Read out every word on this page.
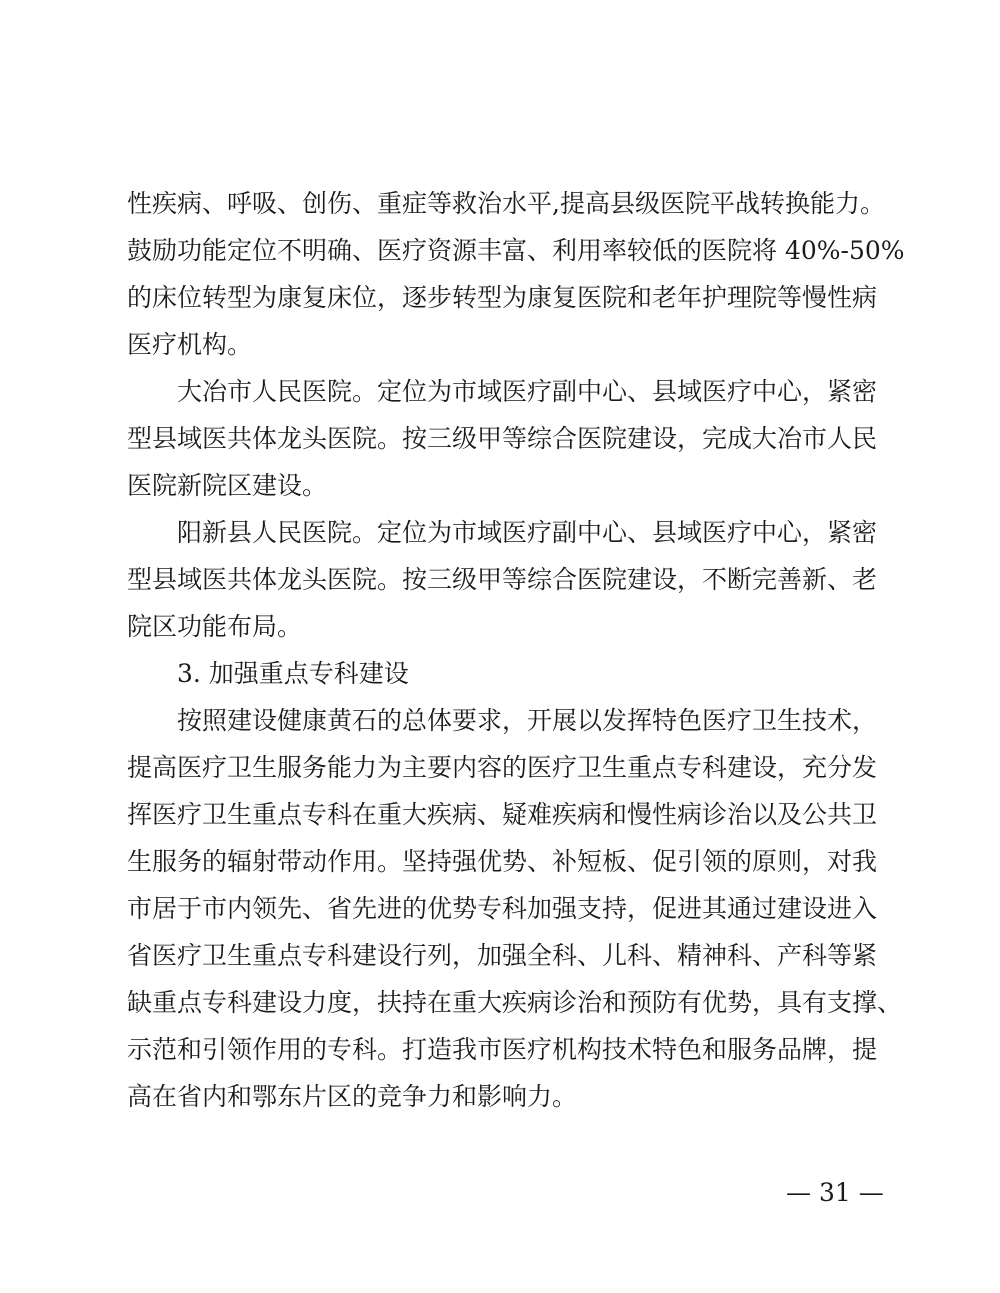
性疾病、呼吸、创伤、重症等救治水平,提高县级医院平战转换能力。
鼓励功能定位不明确、医疗资源丰富、利用率较低的医院将 40%-50%
的床位转型为康复床位，逐步转型为康复医院和老年护理院等慢性病
医疗机构。
大冶市人民医院。定位为市域医疗副中心、县域医疗中心，紧密
型县域医共体龙头医院。按三级甲等综合医院建设，完成大冶市人民
医院新院区建设。
阳新县人民医院。定位为市域医疗副中心、县域医疗中心，紧密
型县域医共体龙头医院。按三级甲等综合医院建设，不断完善新、老
院区功能布局。
3. 加强重点专科建设
按照建设健康黄石的总体要求，开展以发挥特色医疗卫生技术，
提高医疗卫生服务能力为主要内容的医疗卫生重点专科建设，充分发
挥医疗卫生重点专科在重大疾病、疑难疾病和慢性病诊治以及公共卫
生服务的辐射带动作用。坚持强优势、补短板、促引领的原则，对我
市居于市内领先、省先进的优势专科加强支持，促进其通过建设进入
省医疗卫生重点专科建设行列，加强全科、儿科、精神科、产科等紧
缺重点专科建设力度，扶持在重大疾病诊治和预防有优势，具有支撑、
示范和引领作用的专科。打造我市医疗机构技术特色和服务品牌，提
高在省内和鄂东片区的竞争力和影响力。
— 31 —
